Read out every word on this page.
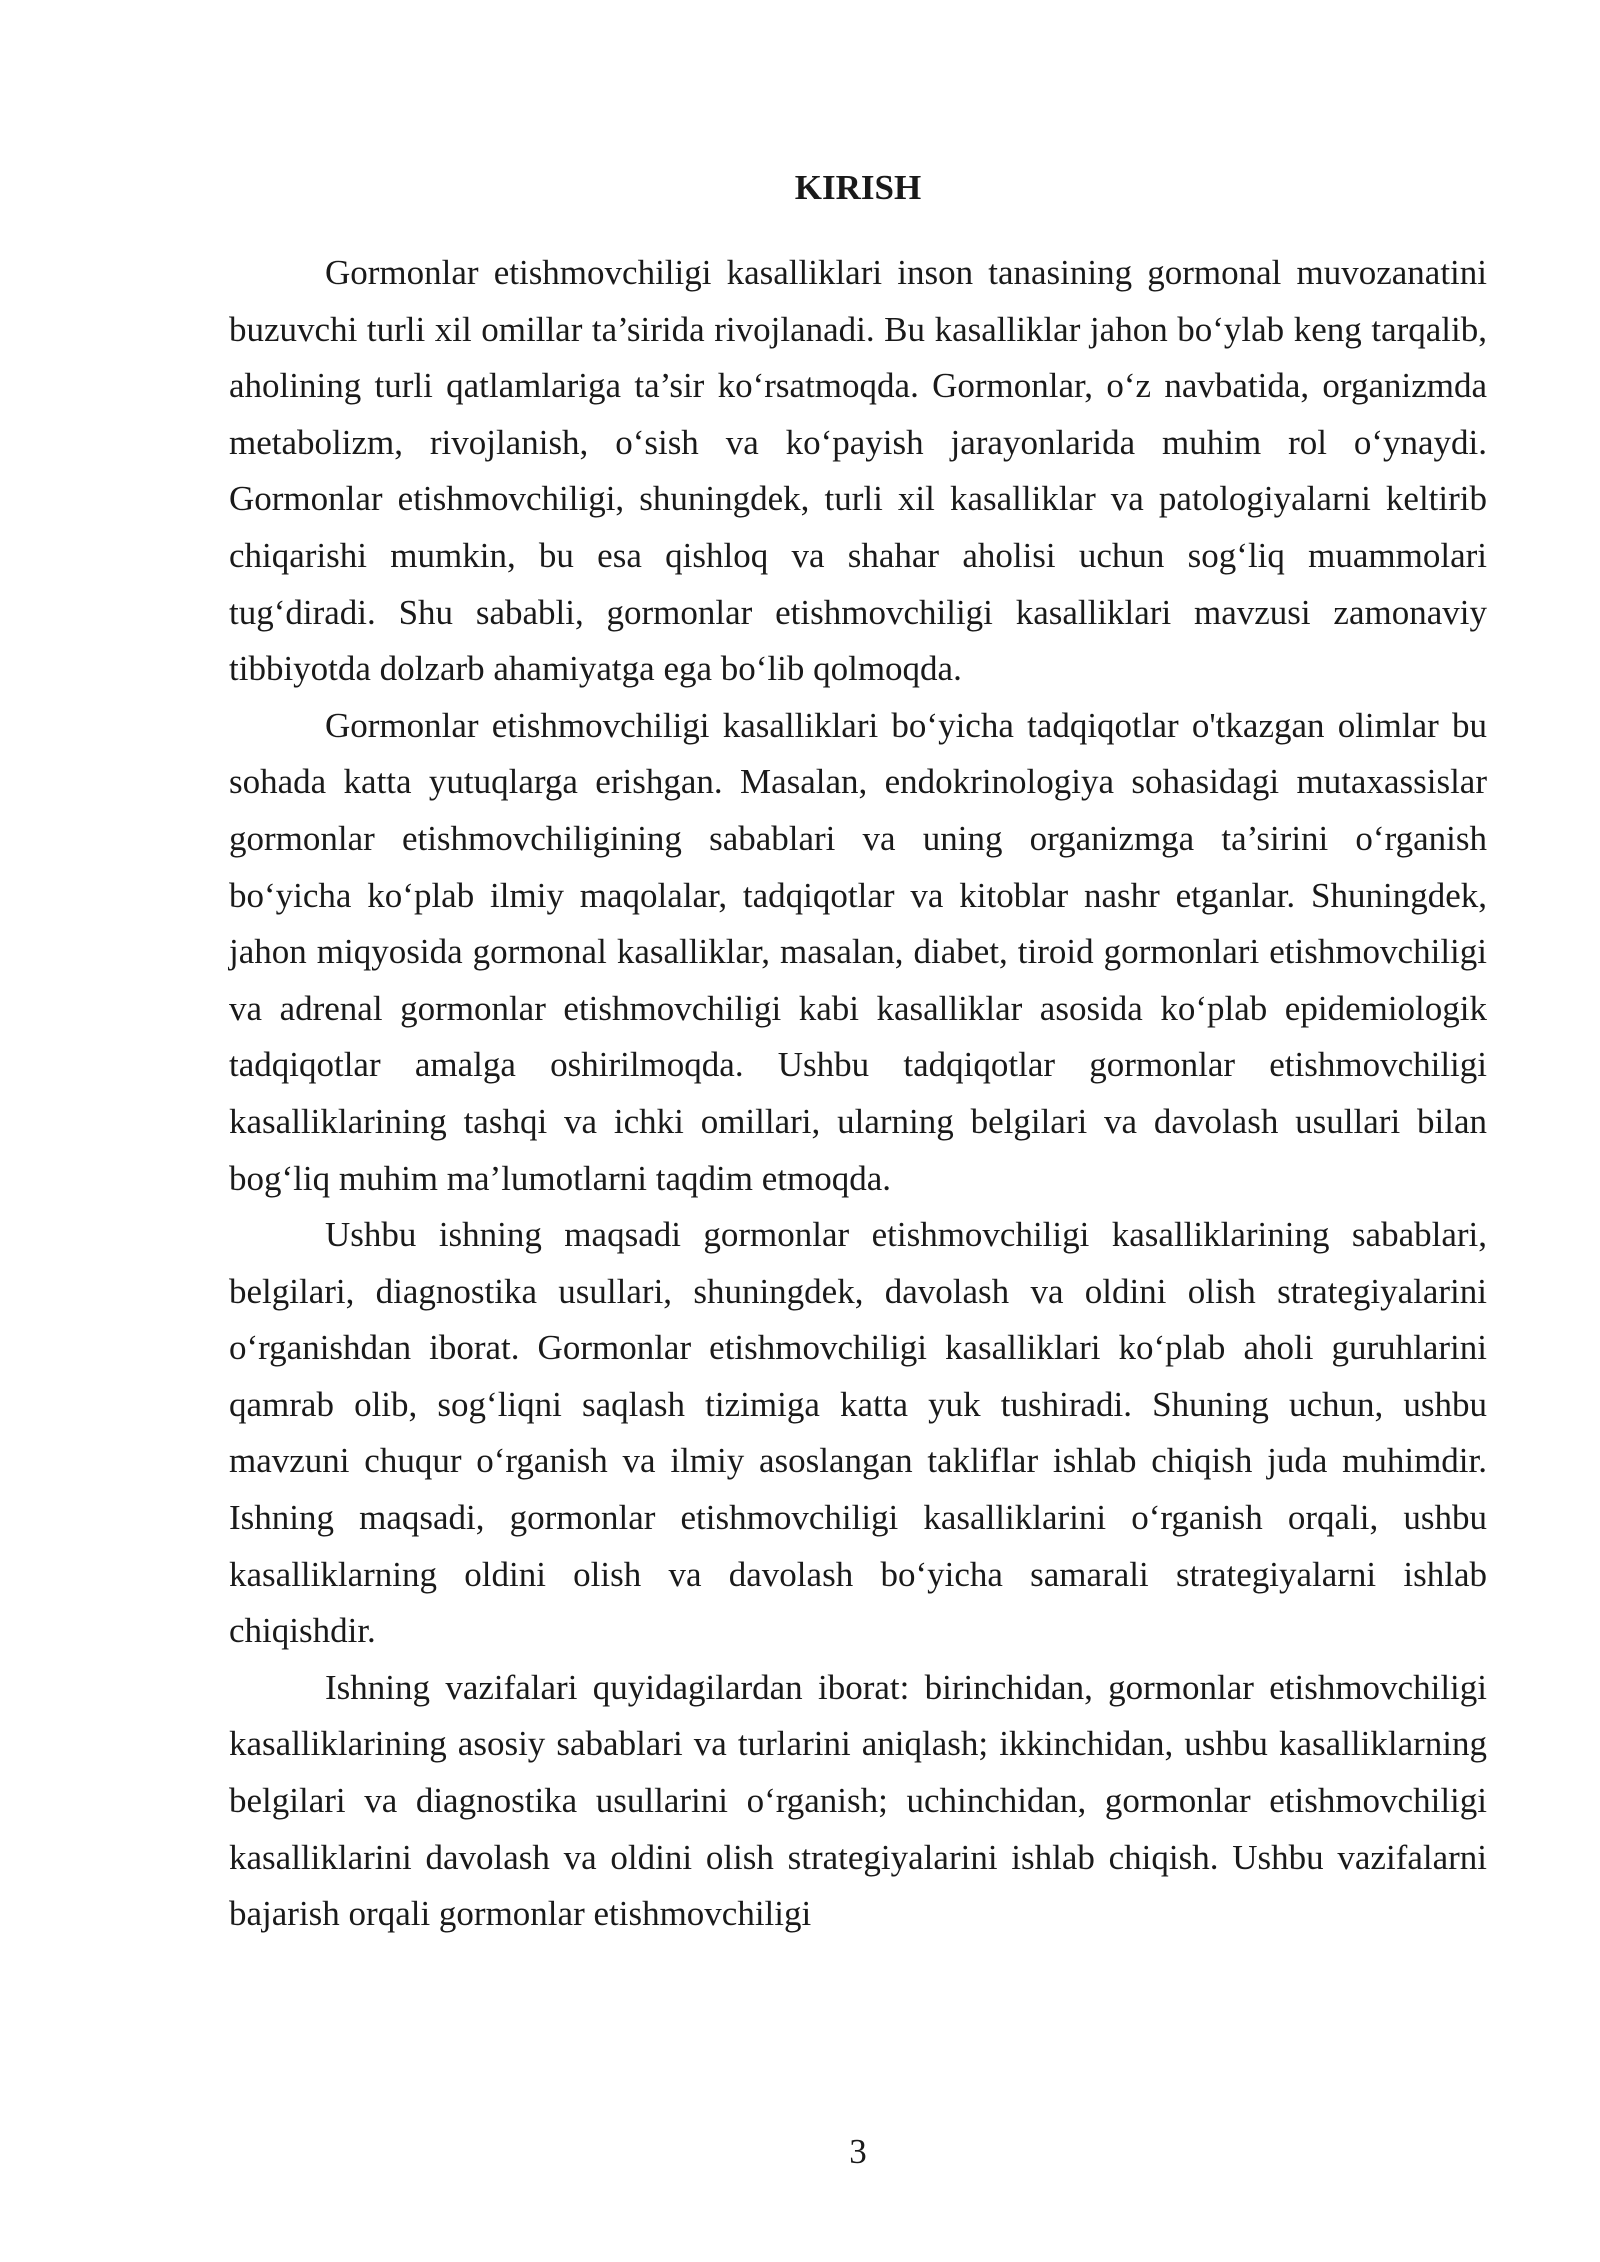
KIRISH

Gormonlar etishmovchiligi kasalliklari inson tanasining gormonal muvozanatini buzuvchi turli xil omillar ta’sirida rivojlanadi. Bu kasalliklar jahon bo‘ylab keng tarqalib, aholining turli qatlamlariga ta’sir ko‘rsatmoqda. Gormonlar, o‘z navbatida, organizmda metabolizm, rivojlanish, o‘sish va ko‘payish jarayonlarida muhim rol o‘ynaydi. Gormonlar etishmovchiligi, shuningdek, turli xil kasalliklar va patologiyalarni keltirib chiqarishi mumkin, bu esa qishloq va shahar aholisi uchun sog‘liq muammolari tug‘diradi. Shu sababli, gormonlar etishmovchiligi kasalliklari mavzusi zamonaviy tibbiyotda dolzarb ahamiyatga ega bo‘lib qolmoqda.

Gormonlar etishmovchiligi kasalliklari bo‘yicha tadqiqotlar o'tkazgan olimlar bu sohada katta yutuqlarga erishgan. Masalan, endokrinologiya sohasidagi mutaxassislar gormonlar etishmovchiligining sabablari va uning organizmga ta’sirini o‘rganish bo‘yicha ko‘plab ilmiy maqolalar, tadqiqotlar va kitoblar nashr etganlar. Shuningdek, jahon miqyosida gormonal kasalliklar, masalan, diabet, tiroid gormonlari etishmovchiligi va adrenal gormonlar etishmovchiligi kabi kasalliklar asosida ko‘plab epidemiologik tadqiqotlar amalga oshirilmoqda. Ushbu tadqiqotlar gormonlar etishmovchiligi kasalliklarining tashqi va ichki omillari, ularning belgilari va davolash usullari bilan bog‘liq muhim ma’lumotlarni taqdim etmoqda.

Ushbu ishning maqsadi gormonlar etishmovchiligi kasalliklarining sabablari, belgilari, diagnostika usullari, shuningdek, davolash va oldini olish strategiyalarini o‘rganishdan iborat. Gormonlar etishmovchiligi kasalliklari ko‘plab aholi guruhlarini qamrab olib, sog‘liqni saqlash tizimiga katta yuk tushiradi. Shuning uchun, ushbu mavzuni chuqur o‘rganish va ilmiy asoslangan takliflar ishlab chiqish juda muhimdir. Ishning maqsadi, gormonlar etishmovchiligi kasalliklarini o‘rganish orqali, ushbu kasalliklarning oldini olish va davolash bo‘yicha samarali strategiyalarni ishlab chiqishdir.

Ishning vazifalari quyidagilardan iborat: birinchidan, gormonlar etishmovchiligi kasalliklarining asosiy sabablari va turlarini aniqlash; ikkinchidan, ushbu kasalliklarning belgilari va diagnostika usullarini o‘rganish; uchinchidan, gormonlar etishmovchiligi kasalliklarini davolash va oldini olish strategiyalarini ishlab chiqish. Ushbu vazifalarni bajarish orqali gormonlar etishmovchiligi

3
